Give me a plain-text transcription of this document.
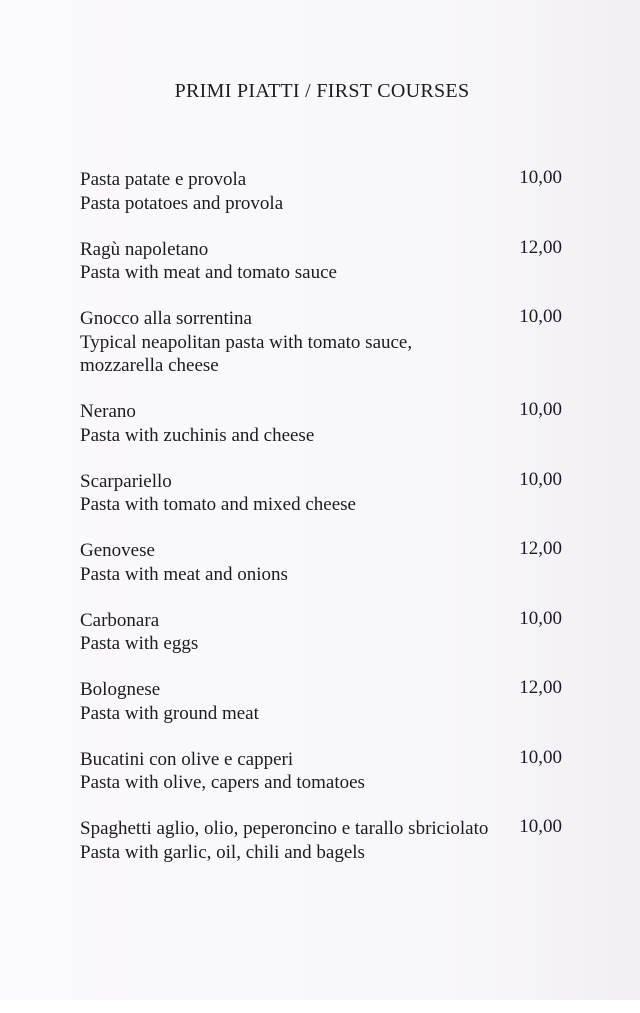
PRIMI PIATTI / FIRST COURSES
Pasta patate e provola
Pasta potatoes and provola
10,00
Ragù napoletano
Pasta with meat and tomato sauce
12,00
Gnocco alla sorrentina
Typical neapolitan pasta with tomato sauce,
mozzarella cheese
10,00
Nerano
Pasta with zuchinis and cheese
10,00
Scarpariello
Pasta with tomato and mixed cheese
10,00
Genovese
Pasta with meat and onions
12,00
Carbonara
Pasta with eggs
10,00
Bolognese
Pasta with ground meat
12,00
Bucatini con olive e capperi
Pasta with olive, capers and tomatoes
10,00
Spaghetti aglio, olio, peperoncino e tarallo sbriciolato
Pasta with garlic, oil, chili and bagels
10,00
